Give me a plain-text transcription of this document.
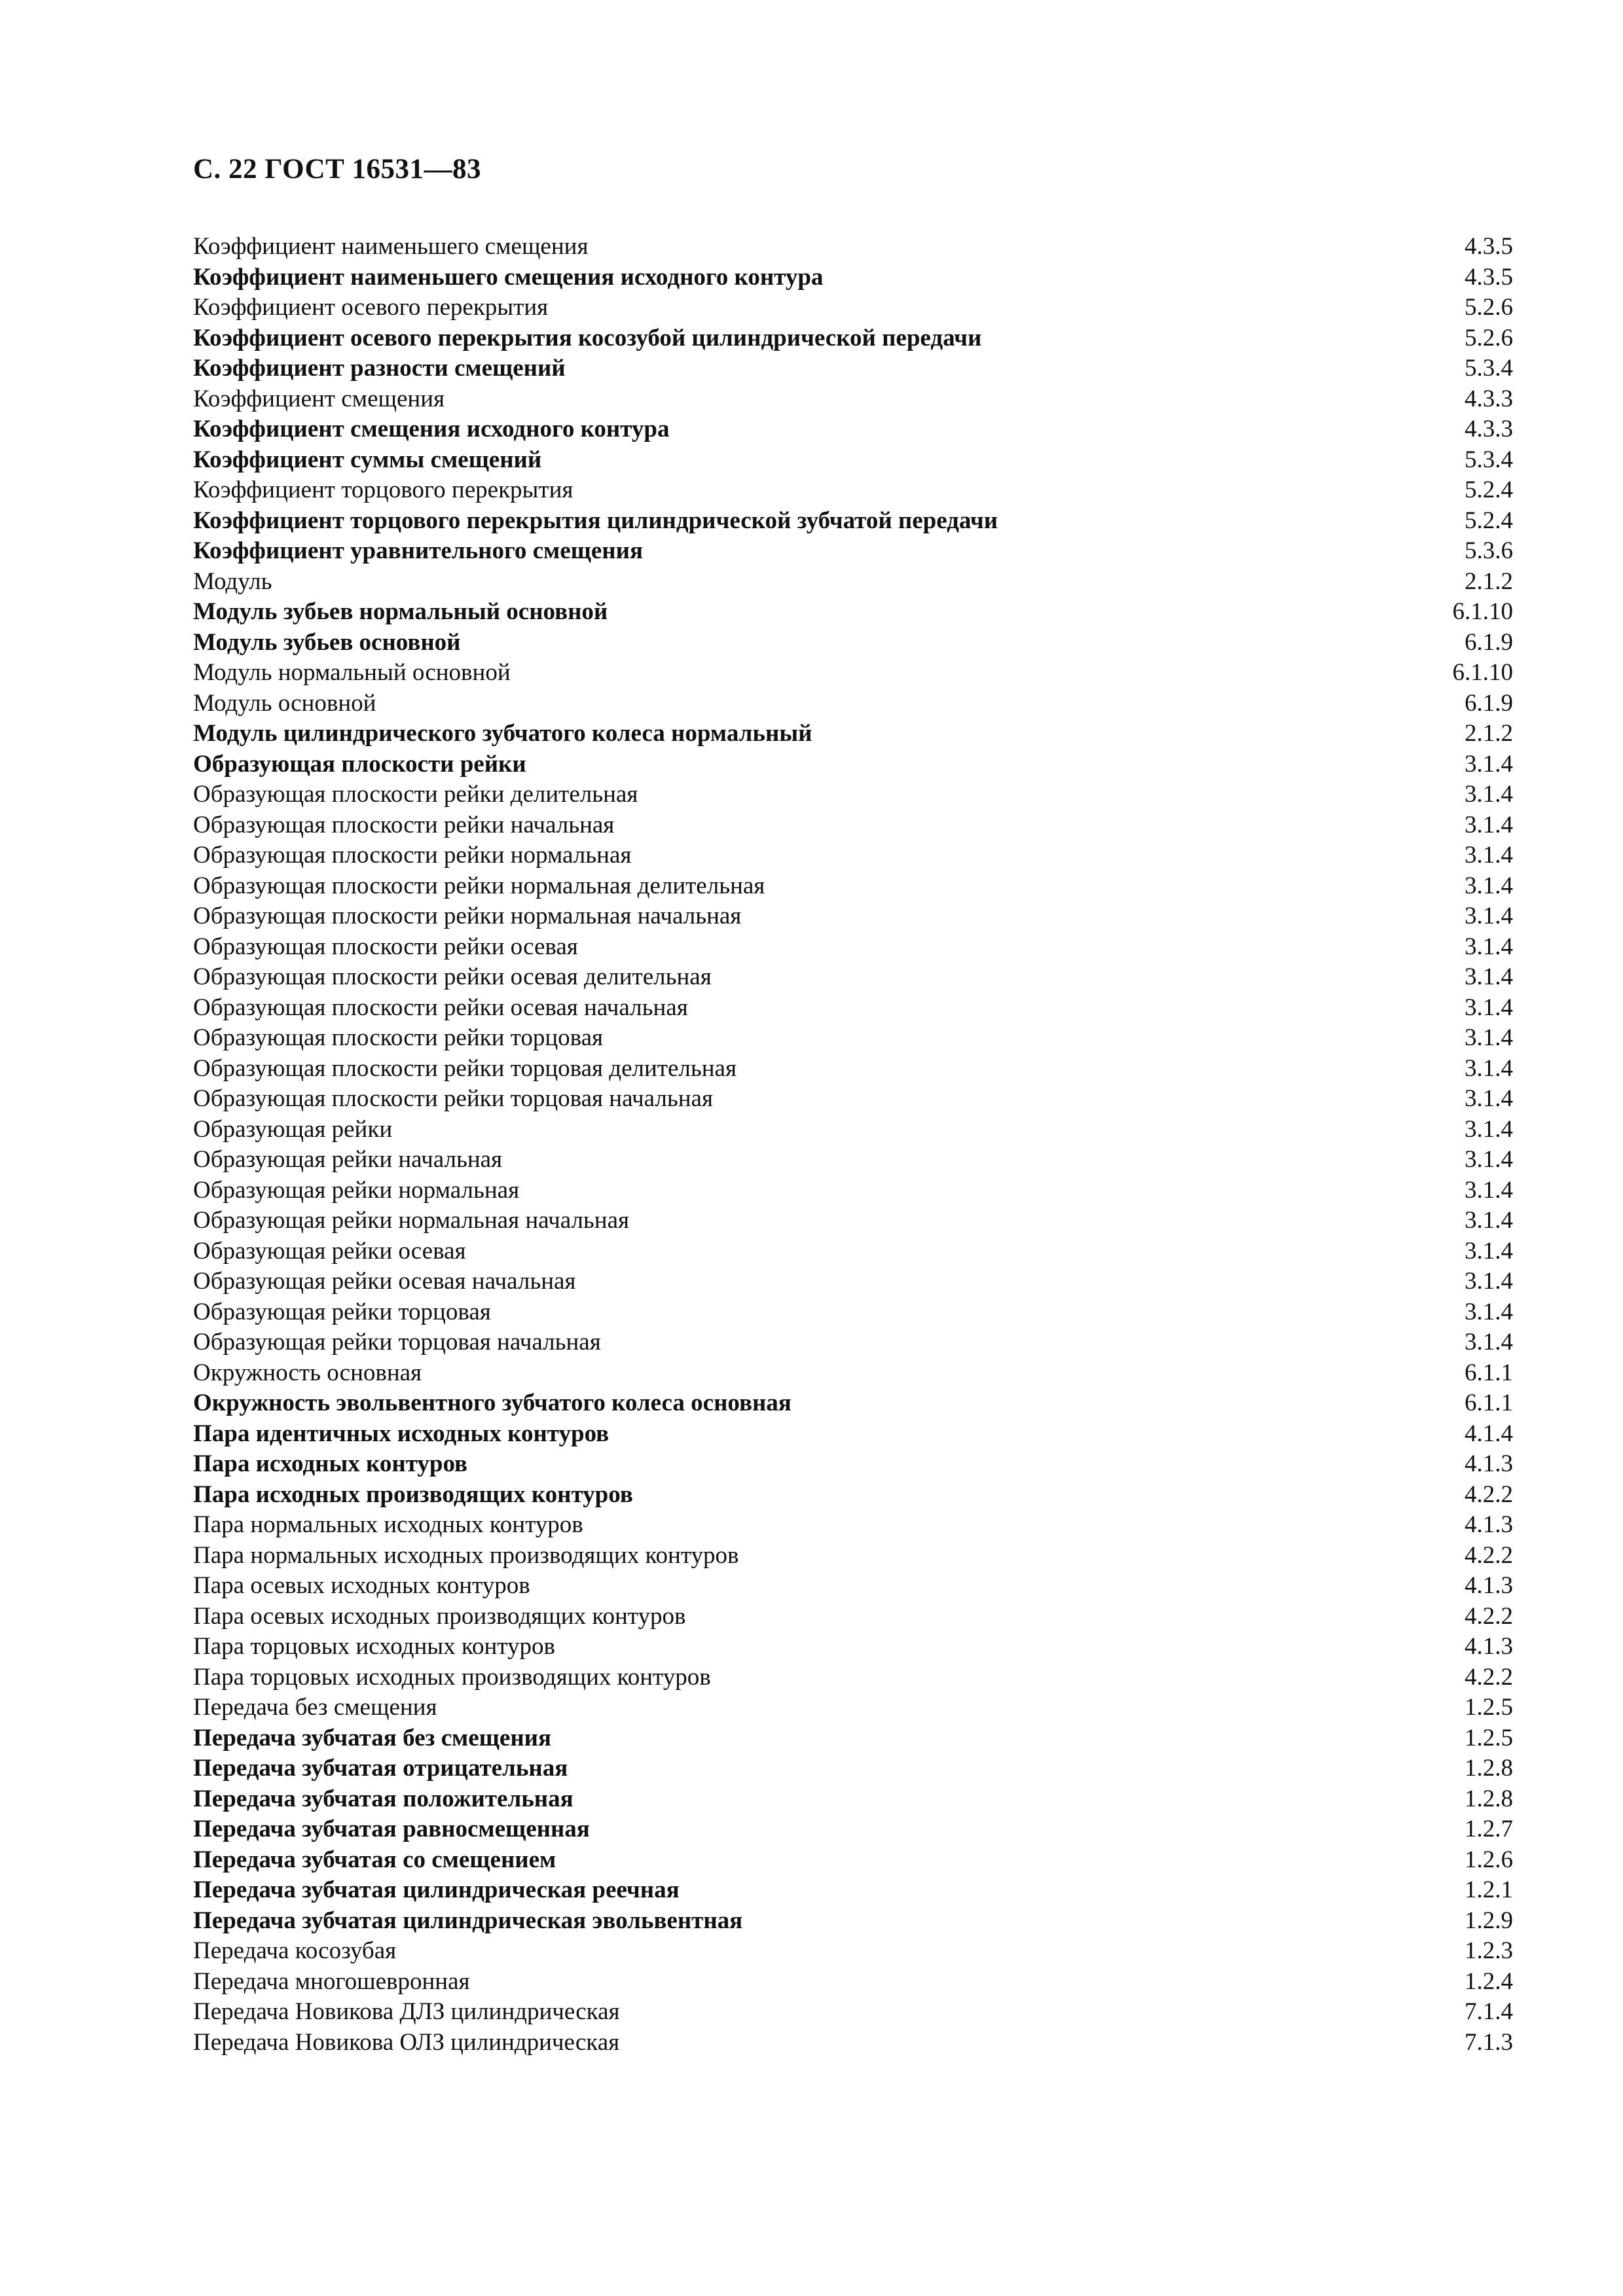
С. 22 ГОСТ 16531—83
Коэффициент наименьшего смещения	4.3.5
Коэффициент наименьшего смещения исходного контура	4.3.5
Коэффициент осевого перекрытия	5.2.6
Коэффициент осевого перекрытия косозубой цилиндрической передачи	5.2.6
Коэффициент разности смещений	5.3.4
Коэффициент смещения	4.3.3
Коэффициент смещения исходного контура	4.3.3
Коэффициент суммы смещений	5.3.4
Коэффициент торцового перекрытия	5.2.4
Коэффициент торцового перекрытия цилиндрической зубчатой передачи	5.2.4
Коэффициент уравнительного смещения	5.3.6
Модуль	2.1.2
Модуль зубьев нормальный основной	6.1.10
Модуль зубьев основной	6.1.9
Модуль нормальный основной	6.1.10
Модуль основной	6.1.9
Модуль цилиндрического зубчатого колеса нормальный	2.1.2
Образующая плоскости рейки	3.1.4
Образующая плоскости рейки делительная	3.1.4
Образующая плоскости рейки начальная	3.1.4
Образующая плоскости рейки нормальная	3.1.4
Образующая плоскости рейки нормальная делительная	3.1.4
Образующая плоскости рейки нормальная начальная	3.1.4
Образующая плоскости рейки осевая	3.1.4
Образующая плоскости рейки осевая делительная	3.1.4
Образующая плоскости рейки осевая начальная	3.1.4
Образующая плоскости рейки торцовая	3.1.4
Образующая плоскости рейки торцовая делительная	3.1.4
Образующая плоскости рейки торцовая начальная	3.1.4
Образующая рейки	3.1.4
Образующая рейки начальная	3.1.4
Образующая рейки нормальная	3.1.4
Образующая рейки нормальная начальная	3.1.4
Образующая рейки осевая	3.1.4
Образующая рейки осевая начальная	3.1.4
Образующая рейки торцовая	3.1.4
Образующая рейки торцовая начальная	3.1.4
Окружность основная	6.1.1
Окружность эвольвентного зубчатого колеса основная	6.1.1
Пара идентичных исходных контуров	4.1.4
Пара исходных контуров	4.1.3
Пара исходных производящих контуров	4.2.2
Пара нормальных исходных контуров	4.1.3
Пара нормальных исходных производящих контуров	4.2.2
Пара осевых исходных контуров	4.1.3
Пара осевых исходных производящих контуров	4.2.2
Пара торцовых исходных контуров	4.1.3
Пара торцовых исходных производящих контуров	4.2.2
Передача без смещения	1.2.5
Передача зубчатая без смещения	1.2.5
Передача зубчатая отрицательная	1.2.8
Передача зубчатая положительная	1.2.8
Передача зубчатая равносмещенная	1.2.7
Передача зубчатая со смещением	1.2.6
Передача зубчатая цилиндрическая реечная	1.2.1
Передача зубчатая цилиндрическая эвольвентная	1.2.9
Передача косозубая	1.2.3
Передача многошевронная	1.2.4
Передача Новикова ДЛЗ цилиндрическая	7.1.4
Передача Новикова ОЛЗ цилиндрическая	7.1.3
